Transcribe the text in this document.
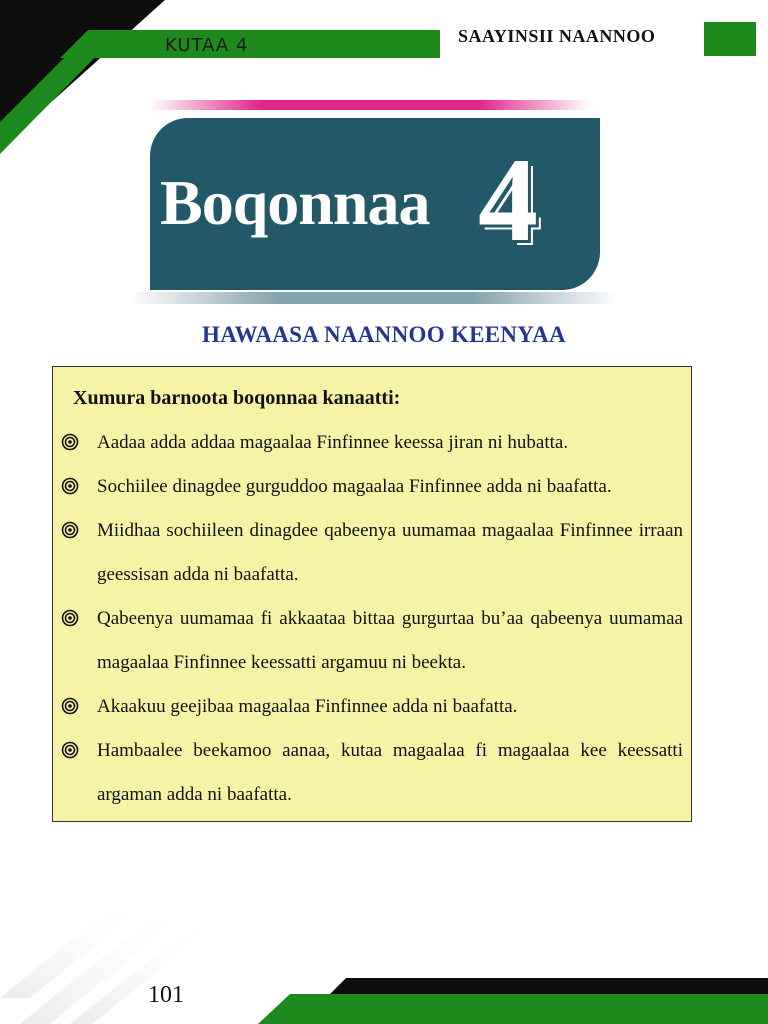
KUTAA 4	SAAYINSII NAANNOO
Boqonnaa 4
HAWAASA NAANNOO KEENYAA
Xumura barnoota boqonnaa kanaatti:
Aadaa adda addaa magaalaa Finfinnee keessa jiran ni hubatta.
Sochiilee dinagdee gurguddoo magaalaa Finfinnee adda ni baafatta.
Miidhaa sochiileen dinagdee qabeenya uumamaa magaalaa Finfinnee irraan geessisan adda ni baafatta.
Qabeenya uumamaa fi akkaataa bittaa gurgurtaa bu’aa qabeenya uumamaa magaalaa Finfinnee keessatti argamuu ni beekta.
Akaakuu geejibaa magaalaa Finfinnee adda ni baafatta.
Hambaalee beekamoo aanaa, kutaa magaalaa fi magaalaa kee keessatti argaman adda ni baafatta.
101
